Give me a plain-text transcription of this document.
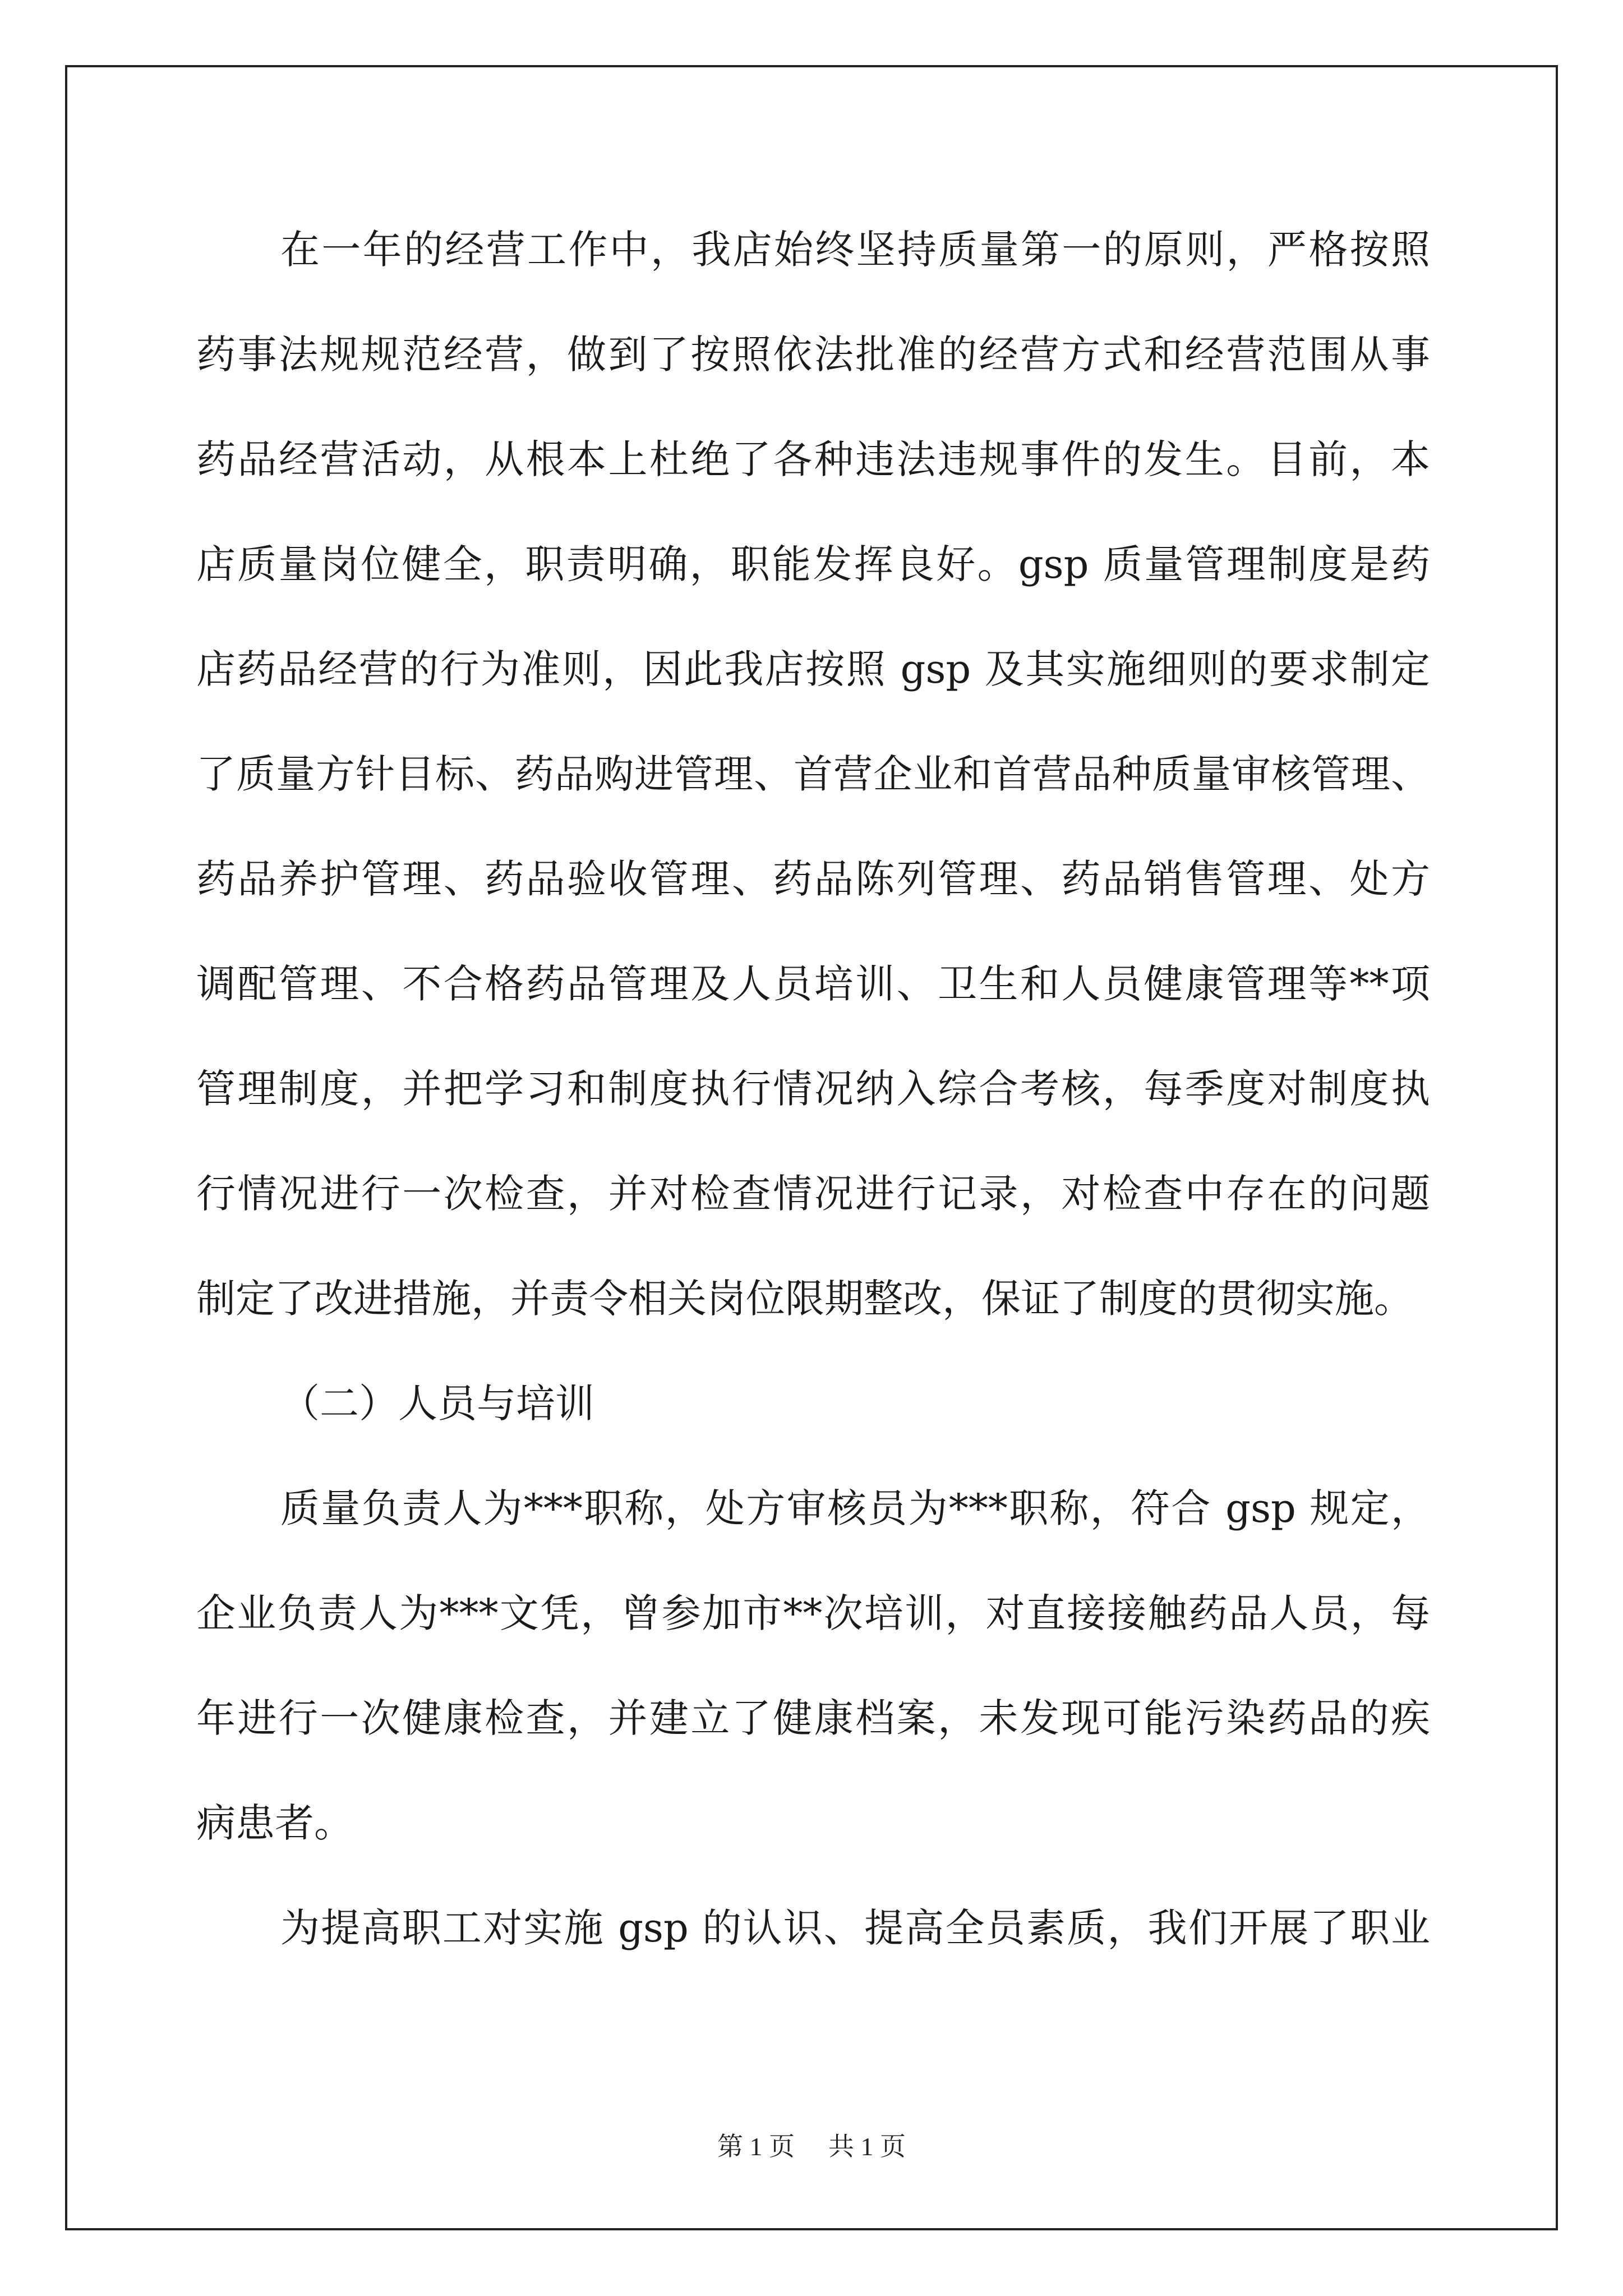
在一年的经营工作中，我店始终坚持质量第一的原则，严格按照
药事法规规范经营，做到了按照依法批准的经营方式和经营范围从事
药品经营活动，从根本上杜绝了各种违法违规事件的发生。目前，本
店质量岗位健全，职责明确，职能发挥良好。gsp 质量管理制度是药
店药品经营的行为准则，因此我店按照 gsp 及其实施细则的要求制定
了质量方针目标、药品购进管理、首营企业和首营品种质量审核管理、
药品养护管理、药品验收管理、药品陈列管理、药品销售管理、处方
调配管理、不合格药品管理及人员培训、卫生和人员健康管理等**项
管理制度，并把学习和制度执行情况纳入综合考核，每季度对制度执
行情况进行一次检查，并对检查情况进行记录，对检查中存在的问题
制定了改进措施，并责令相关岗位限期整改，保证了制度的贯彻实施。
（二）人员与培训
质量负责人为***职称，处方审核员为***职称，符合 gsp 规定，
企业负责人为***文凭，曾参加市**次培训，对直接接触药品人员，每
年进行一次健康检查，并建立了健康档案，未发现可能污染药品的疾
病患者。
为提高职工对实施 gsp 的认识、提高全员素质，我们开展了职业
第 1 页 共 1 页
